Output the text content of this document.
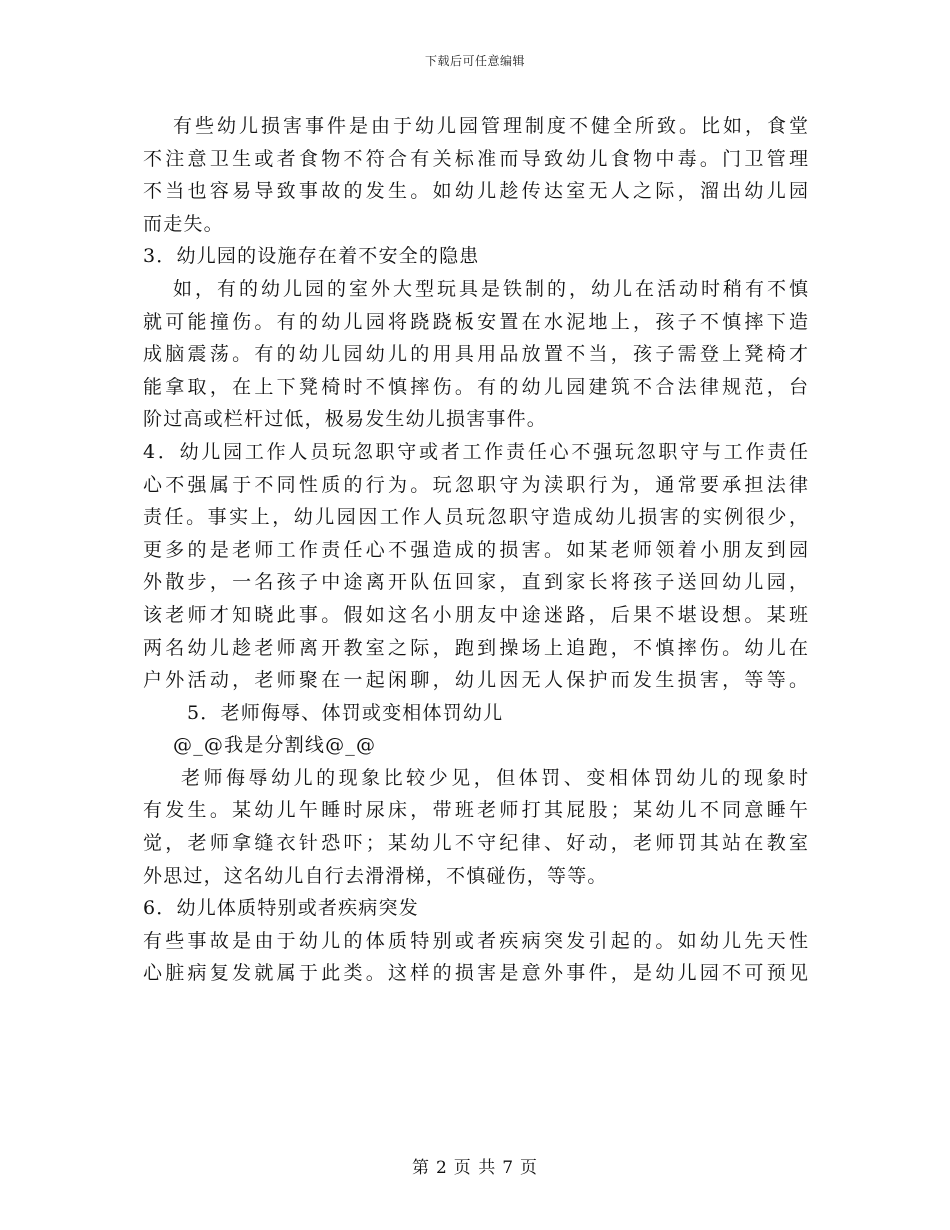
下载后可任意编辑
有些幼儿损害事件是由于幼儿园管理制度不健全所致。比如，食堂
不注意卫生或者食物不符合有关标准而导致幼儿食物中毒。门卫管理
不当也容易导致事故的发生。如幼儿趁传达室无人之际，溜出幼儿园
而走失。
3．幼儿园的设施存在着不安全的隐患
如，有的幼儿园的室外大型玩具是铁制的，幼儿在活动时稍有不慎
就可能撞伤。有的幼儿园将跷跷板安置在水泥地上，孩子不慎摔下造
成脑震荡。有的幼儿园幼儿的用具用品放置不当，孩子需登上凳椅才
能拿取，在上下凳椅时不慎摔伤。有的幼儿园建筑不合法律规范，台
阶过高或栏杆过低，极易发生幼儿损害事件。
4．幼儿园工作人员玩忽职守或者工作责任心不强玩忽职守与工作责任
心不强属于不同性质的行为。玩忽职守为渎职行为，通常要承担法律
责任。事实上，幼儿园因工作人员玩忽职守造成幼儿损害的实例很少，
更多的是老师工作责任心不强造成的损害。如某老师领着小朋友到园
外散步，一名孩子中途离开队伍回家，直到家长将孩子送回幼儿园，
该老师才知晓此事。假如这名小朋友中途迷路，后果不堪设想。某班
两名幼儿趁老师离开教室之际，跑到操场上追跑，不慎摔伤。幼儿在
户外活动，老师聚在一起闲聊，幼儿因无人保护而发生损害，等等。
5．老师侮辱、体罚或变相体罚幼儿
@_@我是分割线@_@
老师侮辱幼儿的现象比较少见，但体罚、变相体罚幼儿的现象时
有发生。某幼儿午睡时尿床，带班老师打其屁股；某幼儿不同意睡午
觉，老师拿缝衣针恐吓；某幼儿不守纪律、好动，老师罚其站在教室
外思过，这名幼儿自行去滑滑梯，不慎碰伤，等等。
6．幼儿体质特别或者疾病突发
有些事故是由于幼儿的体质特别或者疾病突发引起的。如幼儿先天性
心脏病复发就属于此类。这样的损害是意外事件，是幼儿园不可预见
第 2 页 共 7 页
